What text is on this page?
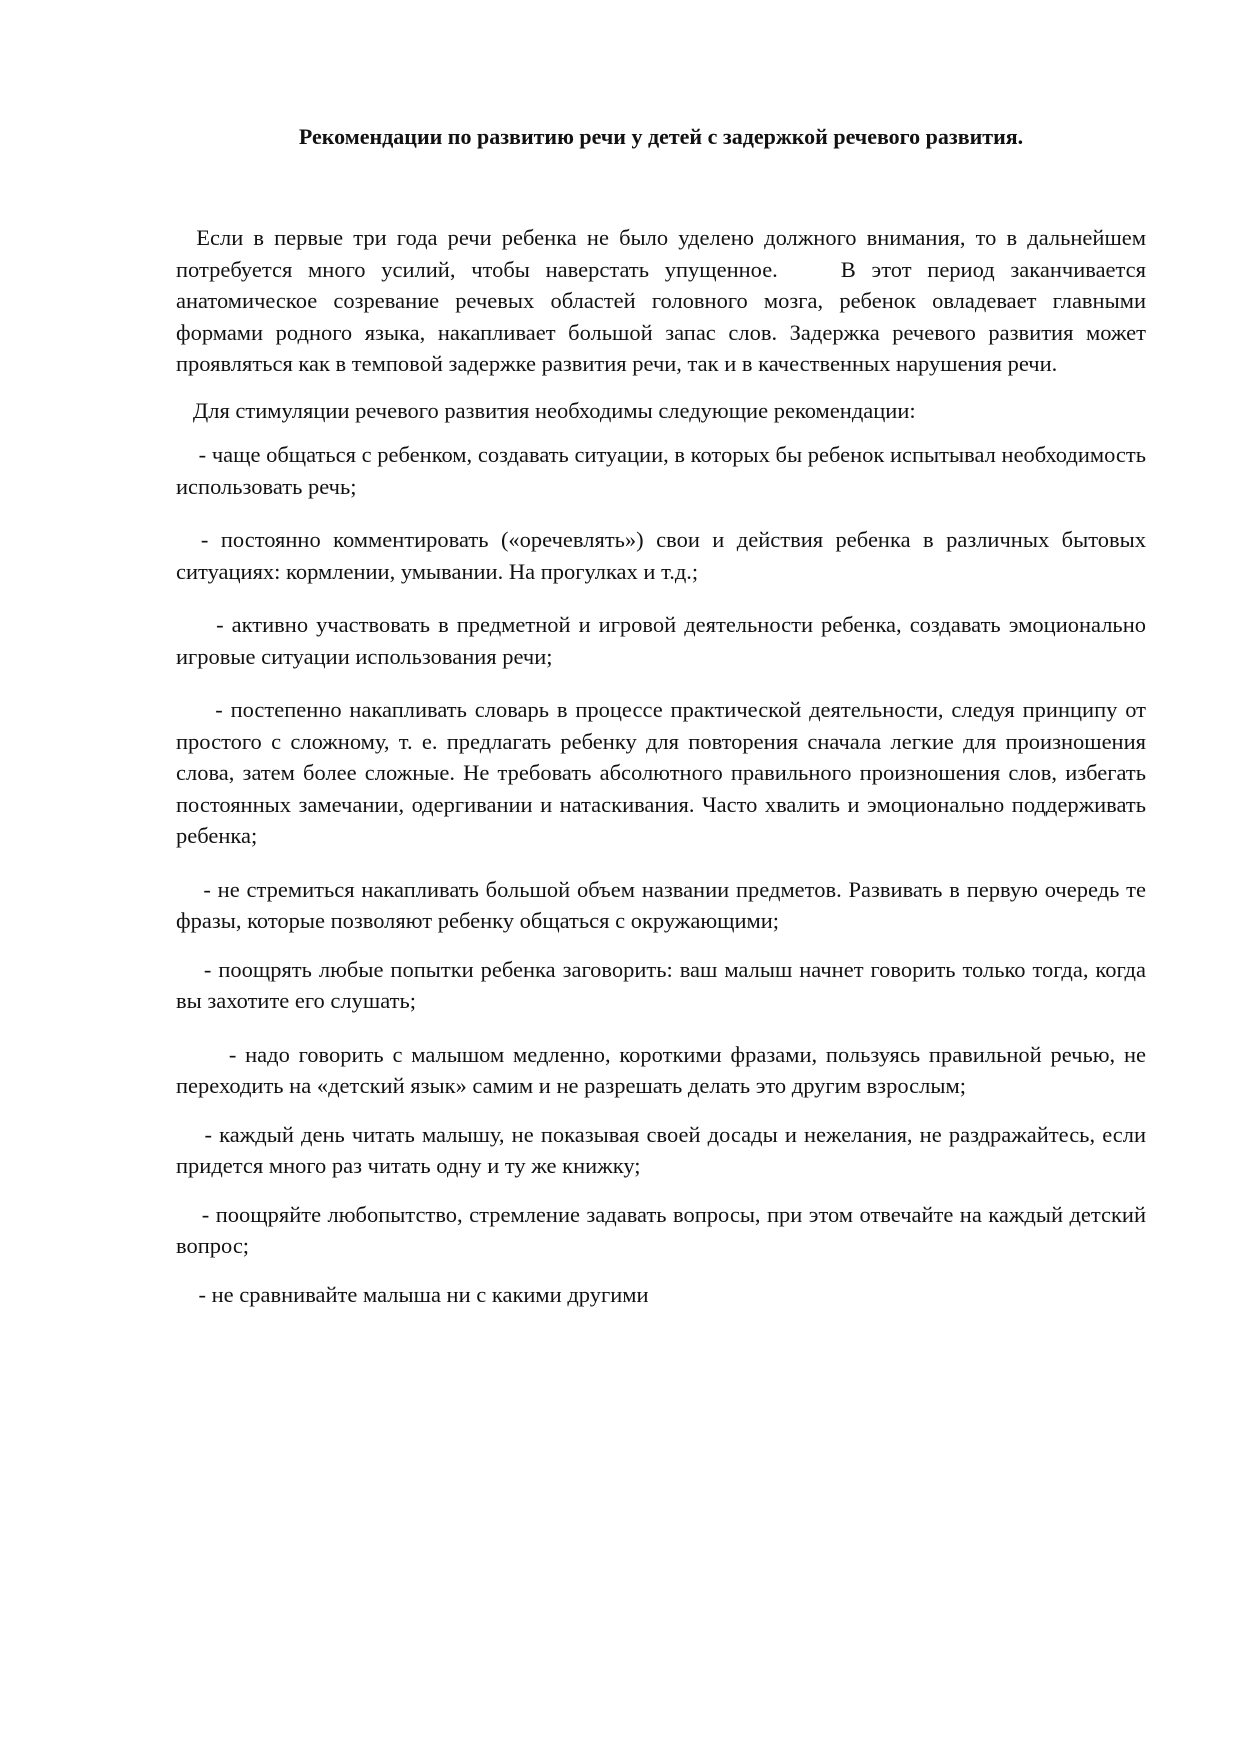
Рекомендации по развитию речи у детей с задержкой речевого развития.

Если в первые три года речи ребенка не было уделено должного внимания, то в дальнейшем потребуется много усилий, чтобы наверстать упущенное.    В этот период заканчивается анатомическое созревание речевых областей головного мозга, ребенок овладевает главными формами родного языка, накапливает большой запас слов. Задержка речевого развития может проявляться как в темповой задержке развития речи, так и в качественных нарушения речи.

Для стимуляции речевого развития необходимы следующие рекомендации:

- чаще общаться с ребенком, создавать ситуации, в которых бы ребенок испытывал необходимость использовать речь;

- постоянно комментировать («оречевлять») свои и действия ребенка в различных бытовых ситуациях: кормлении, умывании. На прогулках и т.д.;

- активно участвовать в предметной и игровой деятельности ребенка, создавать эмоционально игровые ситуации использования речи;

- постепенно накапливать словарь в процессе практической деятельности, следуя принципу от простого с сложному, т. е. предлагать ребенку для повторения сначала легкие для произношения слова, затем более сложные. Не требовать абсолютного правильного произношения слов, избегать постоянных замечании, одергивании и натаскивания. Часто хвалить и эмоционально поддерживать ребенка;

- не стремиться накапливать большой объем названии предметов. Развивать в первую очередь те фразы, которые позволяют ребенку общаться с окружающими;

- поощрять любые попытки ребенка заговорить: ваш малыш начнет говорить только тогда, когда вы захотите его слушать;

- надо говорить с малышом медленно, короткими фразами, пользуясь правильной речью, не переходить на «детский язык» самим и не разрешать делать это другим взрослым;

- каждый день читать малышу, не показывая своей досады и нежелания, не раздражайтесь, если придется много раз читать одну и ту же книжку;

- поощряйте любопытство, стремление задавать вопросы, при этом отвечайте на каждый детский вопрос;

- не сравнивайте малыша ни с какими другими
